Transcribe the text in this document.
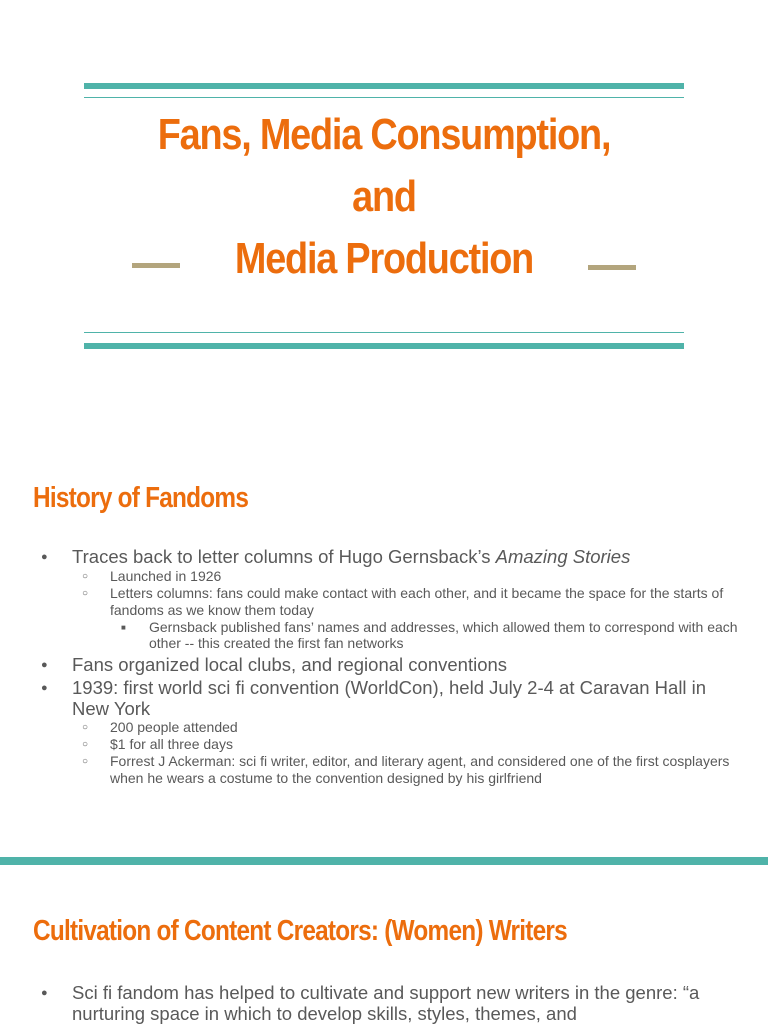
Fans, Media Consumption, and
Media Production
History of Fandoms
● Traces back to letter columns of Hugo Gernsback’s Amazing Stories
○ Launched in 1926
○ Letters columns: fans could make contact with each other, and it became the space for the starts of fandoms as we know them today
■ Gernsback published fans’ names and addresses, which allowed them to correspond with each other -- this created the first fan networks
● Fans organized local clubs, and regional conventions
● 1939: first world sci fi convention (WorldCon), held July 2-4 at Caravan Hall in New York
○ 200 people attended
○ $1 for all three days
○ Forrest J Ackerman: sci fi writer, editor, and literary agent, and considered one of the first cosplayers when he wears a costume to the convention designed by his girlfriend
Cultivation of Content Creators: (Women) Writers
● Sci fi fandom has helped to cultivate and support new writers in the genre: “a nurturing space in which to develop skills, styles, themes, and
